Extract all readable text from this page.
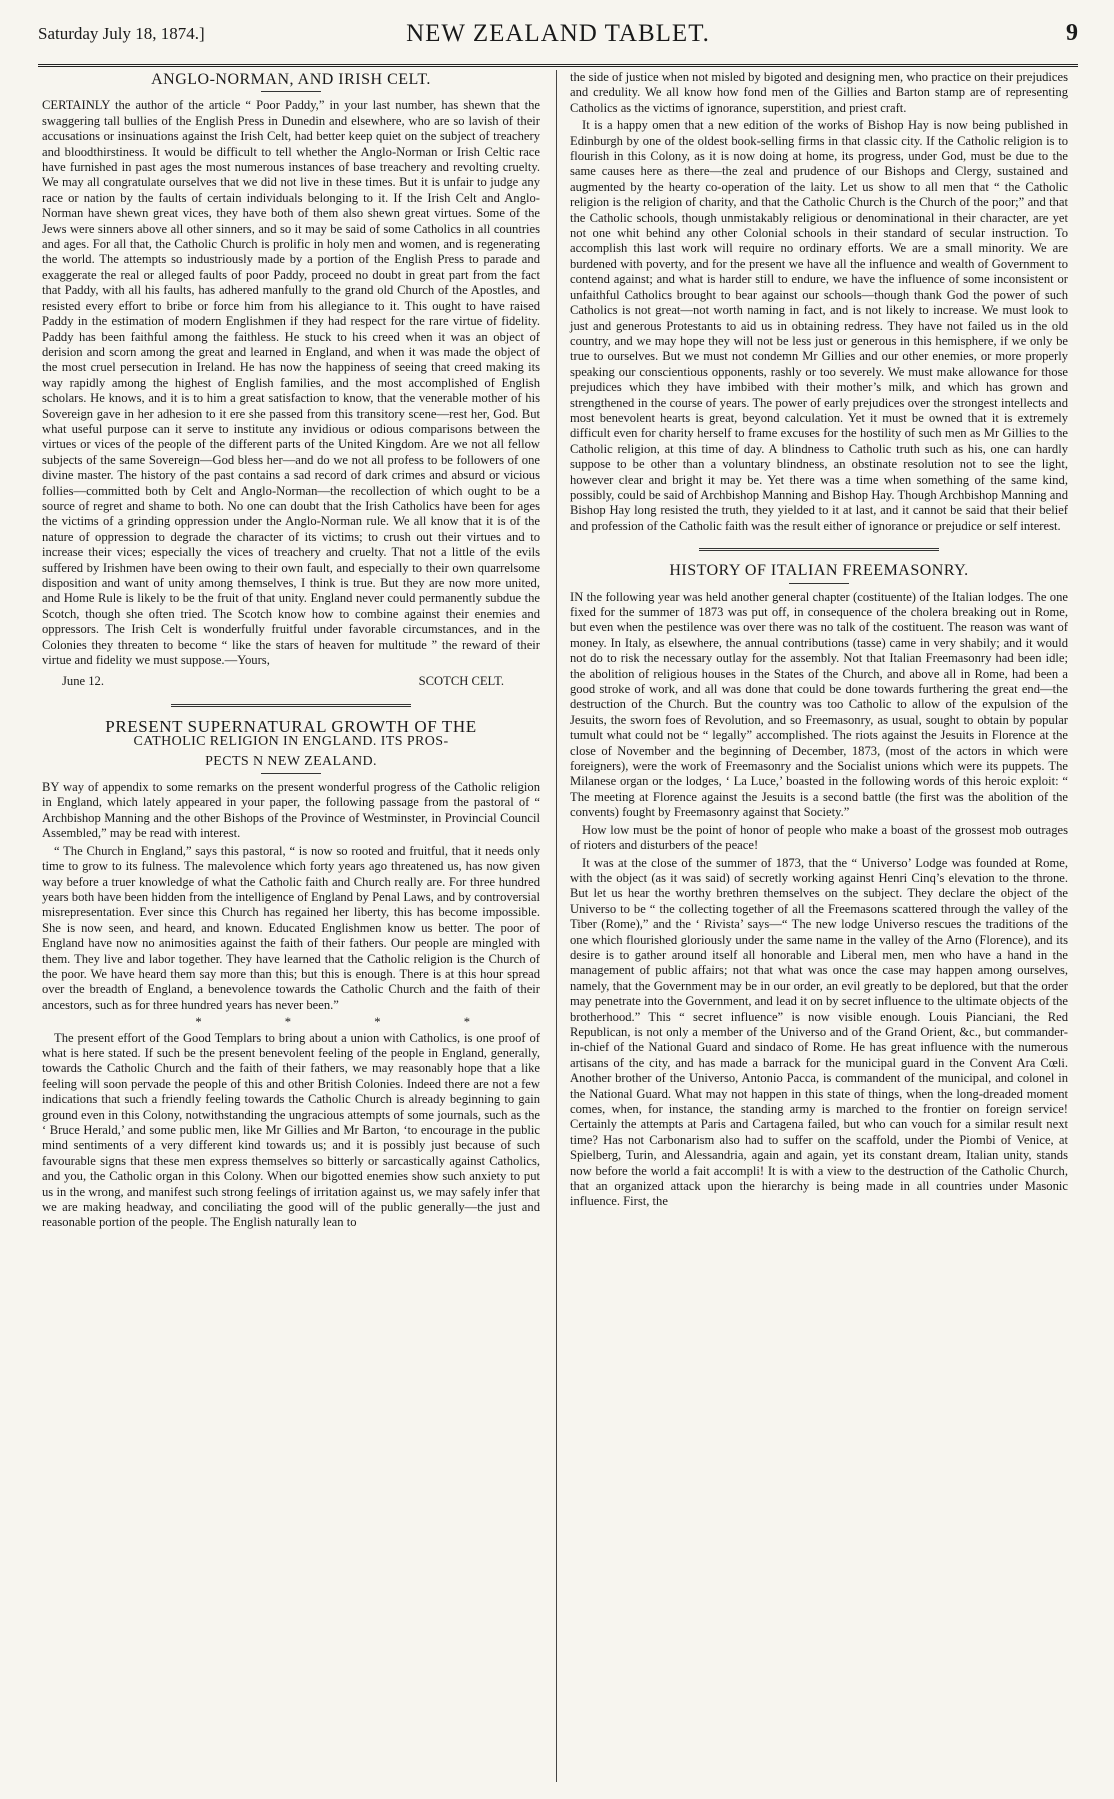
Saturday July 18, 1874.]	NEW ZEALAND TABLET.	9
ANGLO-NORMAN, AND IRISH CELT.

CERTAINLY the author of the article “ Poor Paddy,” in your last number, has shewn that the swaggering tall bullies of the English Press in Dunedin and elsewhere, who are so lavish of their accusations or insinuations against the Irish Celt, had better keep quiet on the subject of treachery and bloodthirstiness. It would be difficult to tell whether the Anglo-Norman or Irish Celtic race have furnished in past ages the most numerous instances of base treachery and revolting cruelty. We may all congratulate ourselves that we did not live in these times. But it is unfair to judge any race or nation by the faults of certain individuals belonging to it. If the Irish Celt and Anglo-Norman have shewn great vices, they have both of them also shewn great virtues. Some of the Jews were sinners above all other sinners, and so it may be said of some Catholics in all countries and ages. For all that, the Catholic Church is prolific in holy men and women, and is regenerating the world. The attempts so industriously made by a portion of the English Press to parade and exaggerate the real or alleged faults of poor Paddy, proceed no doubt in great part from the fact that Paddy, with all his faults, has adhered manfully to the grand old Church of the Apostles, and resisted every effort to bribe or force him from his allegiance to it. This ought to have raised Paddy in the estimation of modern Englishmen if they had respect for the rare virtue of fidelity. Paddy has been faithful among the faithless. He stuck to his creed when it was an object of derision and scorn among the great and learned in England, and when it was made the object of the most cruel persecution in Ireland. He has now the happiness of seeing that creed making its way rapidly among the highest of English families, and the most accomplished of English scholars. He knows, and it is to him a great satisfaction to know, that the venerable mother of his Sovereign gave in her adhesion to it ere she passed from this transitory scene—rest her, God. But what useful purpose can it serve to institute any invidious or odious comparisons between the virtues or vices of the people of the different parts of the United Kingdom. Are we not all fellow subjects of the same Sovereign—God bless her—and do we not all profess to be followers of one divine master. The history of the past contains a sad record of dark crimes and absurd or vicious follies—committed both by Celt and Anglo-Norman—the recollection of which ought to be a source of regret and shame to both. No one can doubt that the Irish Catholics have been for ages the victims of a grinding oppression under the Anglo-Norman rule. We all know that it is of the nature of oppression to degrade the character of its victims; to crush out their virtues and to increase their vices; especially the vices of treachery and cruelty. That not a little of the evils suffered by Irishmen have been owing to their own fault, and especially to their own quarrelsome disposition and want of unity among themselves, I think is true. But they are now more united, and Home Rule is likely to be the fruit of that unity. England never could permanently subdue the Scotch, though she often tried. The Scotch know how to combine against their enemies and oppressors. The Irish Celt is wonderfully fruitful under favorable circumstances, and in the Colonies they threaten to become “ like the stars of heaven for multitude ” the reward of their virtue and fidelity we must suppose.—Yours,

June 12.	SCOTCH CELT.
PRESENT SUPERNATURAL GROWTH OF THE
CATHOLIC RELIGION IN ENGLAND. ITS PROS-
PECTS N NEW ZEALAND.

BY way of appendix to some remarks on the present wonderful progress of the Catholic religion in England, which lately appeared in your paper, the following passage from the pastoral of “ Archbishop Manning and the other Bishops of the Province of Westminster, in Provincial Council Assembled,” may be read with interest.

“ The Church in England,” says this pastoral, “ is now so rooted and fruitful, that it needs only time to grow to its fulness. The malevolence which forty years ago threatened us, has now given way before a truer knowledge of what the Catholic faith and Church really are. For three hundred years both have been hidden from the intelligence of England by Penal Laws, and by controversial misrepresentation. Ever since this Church has regained her liberty, this has become impossible. She is now seen, and heard, and known. Educated Englishmen know us better. The poor of England have now no animosities against the faith of their fathers. Our people are mingled with them. They live and labor together. They have learned that the Catholic religion is the Church of the poor. We have heard them say more than this; but this is enough. There is at this hour spread over the breadth of England, a benevolence towards the Catholic Church and the faith of their ancestors, such as for three hundred years has never been.”

* * * *

The present effort of the Good Templars to bring about a union with Catholics, is one proof of what is here stated. If such be the present benevolent feeling of the people in England, generally, towards the Catholic Church and the faith of their fathers, we may reasonably hope that a like feeling will soon pervade the people of this and other British Colonies. Indeed there are not a few indications that such a friendly feeling towards the Catholic Church is already beginning to gain ground even in this Colony, notwithstanding the ungracious attempts of some journals, such as the ‘ Bruce Herald,’ and some public men, like Mr Gillies and Mr Barton, ‘to encourage in the public mind sentiments of a very different kind towards us; and it is possibly just because of such favourable signs that these men express themselves so bitterly or sarcastically against Catholics, and you, the Catholic organ in this Colony. When our bigotted enemies show such anxiety to put us in the wrong, and manifest such strong feelings of irritation against us, we may safely infer that we are making headway, and conciliating the good will of the public generally—the just and reasonable portion of the people. The English naturally lean to

the side of justice when not misled by bigoted and designing men, who practice on their prejudices and credulity. We all know how fond men of the Gillies and Barton stamp are of representing Catholics as the victims of ignorance, superstition, and priest craft.

It is a happy omen that a new edition of the works of Bishop Hay is now being published in Edinburgh by one of the oldest book-selling firms in that classic city. If the Catholic religion is to flourish in this Colony, as it is now doing at home, its progress, under God, must be due to the same causes here as there—the zeal and prudence of our Bishops and Clergy, sustained and augmented by the hearty co-operation of the laity. Let us show to all men that “ the Catholic religion is the religion of charity, and that the Catholic Church is the Church of the poor;” and that the Catholic schools, though unmistakably religious or denominational in their character, are yet not one whit behind any other Colonial schools in their standard of secular instruction. To accomplish this last work will require no ordinary efforts. We are a small minority. We are burdened with poverty, and for the present we have all the influence and wealth of Government to contend against; and what is harder still to endure, we have the influence of some inconsistent or unfaithful Catholics brought to bear against our schools—though thank God the power of such Catholics is not great—not worth naming in fact, and is not likely to increase. We must look to just and generous Protestants to aid us in obtaining redress. They have not failed us in the old country, and we may hope they will not be less just or generous in this hemisphere, if we only be true to ourselves. But we must not condemn Mr Gillies and our other enemies, or more properly speaking our conscientious opponents, rashly or too severely. We must make allowance for those prejudices which they have imbibed with their mother’s milk, and which has grown and strengthened in the course of years. The power of early prejudices over the strongest intellects and most benevolent hearts is great, beyond calculation. Yet it must be owned that it is extremely difficult even for charity herself to frame excuses for the hostility of such men as Mr Gillies to the Catholic religion, at this time of day. A blindness to Catholic truth such as his, one can hardly suppose to be other than a voluntary blindness, an obstinate resolution not to see the light, however clear and bright it may be. Yet there was a time when something of the same kind, possibly, could be said of Archbishop Manning and Bishop Hay. Though Archbishop Manning and Bishop Hay long resisted the truth, they yielded to it at last, and it cannot be said that their belief and profession of the Catholic faith was the result either of ignorance or prejudice or self interest.

HISTORY OF ITALIAN FREEMASONRY.

IN the following year was held another general chapter (costituente) of the Italian lodges. The one fixed for the summer of 1873 was put off, in consequence of the cholera breaking out in Rome, but even when the pestilence was over there was no talk of the costituent. The reason was want of money. In Italy, as elsewhere, the annual contributions (tasse) came in very shabily; and it would not do to risk the necessary outlay for the assembly. Not that Italian Freemasonry had been idle; the abolition of religious houses in the States of the Church, and above all in Rome, had been a good stroke of work, and all was done that could be done towards furthering the great end—the destruction of the Church. But the country was too Catholic to allow of the expulsion of the Jesuits, the sworn foes of Revolution, and so Freemasonry, as usual, sought to obtain by popular tumult what could not be “ legally” accomplished. The riots against the Jesuits in Florence at the close of November and the beginning of December, 1873, (most of the actors in which were foreigners), were the work of Freemasonry and the Socialist unions which were its puppets. The Milanese organ or the lodges, ‘ La Luce,’ boasted in the following words of this heroic exploit: “ The meeting at Florence against the Jesuits is a second battle (the first was the abolition of the convents) fought by Freemasonry against that Society.”

How low must be the point of honor of people who make a boast of the grossest mob outrages of rioters and disturbers of the peace!

It was at the close of the summer of 1873, that the “ Universo’ Lodge was founded at Rome, with the object (as it was said) of secretly working against Henri Cinq’s elevation to the throne. But let us hear the worthy brethren themselves on the subject. They declare the object of the Universo to be “ the collecting together of all the Freemasons scattered through the valley of the Tiber (Rome),” and the ‘ Rivista’ says—“ The new lodge Universo rescues the traditions of the one which flourished gloriously under the same name in the valley of the Arno (Florence), and its desire is to gather around itself all honorable and Liberal men, men who have a hand in the management of public affairs; not that what was once the case may happen among ourselves, namely, that the Government may be in our order, an evil greatly to be deplored, but that the order may penetrate into the Government, and lead it on by secret influence to the ultimate objects of the brotherhood.” This “ secret influence” is now visible enough. Louis Pianciani, the Red Republican, is not only a member of the Universo and of the Grand Orient, &c., but commander-in-chief of the National Guard and sindaco of Rome. He has great influence with the numerous artisans of the city, and has made a barrack for the municipal guard in the Convent Ara Cœli. Another brother of the Universo, Antonio Pacca, is commandent of the municipal, and colonel in the National Guard. What may not happen in this state of things, when the long-dreaded moment comes, when, for instance, the standing army is marched to the frontier on foreign service! Certainly the attempts at Paris and Cartagena failed, but who can vouch for a similar result next time? Has not Carbonarism also had to suffer on the scaffold, under the Piombi of Venice, at Spielberg, Turin, and Alessandria, again and again, yet its constant dream, Italian unity, stands now before the world a fait accompli! It is with a view to the destruction of the Catholic Church, that an organized attack upon the hierarchy is being made in all countries under Masonic influence. First, the
